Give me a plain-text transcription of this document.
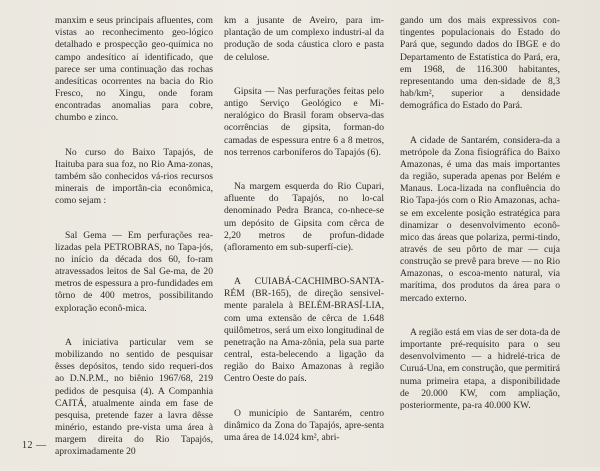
manxim e seus principais afluentes, com vistas ao reconhecimento geo-lógico detalhado e prospecção geo-química no campo andesítico aí identificado, que parece ser uma continuação das rochas andesíticas ocorrentes na bacia do Rio Fresco, no Xingu, onde foram encontradas anomalias para cobre, chumbo e zinco.

No curso do Baixo Tapajós, de Itaituba para sua foz, no Rio Ama-zonas, também são conhecidos vá-rios recursos minerais de importân-cia econômica, como sejam :

Sal Gema — Em perfurações rea-lizadas pela PETROBRAS, no Tapa-jós, no início da década dos 60, fo-ram atravessados leitos de Sal Ge-ma, de 20 metros de espessura a pro-fundidades em tôrno de 400 metros, possibilitando exploração econô-mica.

A iniciativa particular vem se mobilizando no sentido de pesquisar êsses depósitos, tendo sido requeri-dos ao D.N.P.M., no biênio 1967/68, 219 pedidos de pesquisa (4). A Companhia CAITÁ, atualmente ainda em fase de pesquisa, pretende fazer a lavra dêsse minério, estando pre-vista uma área à margem direita do Rio Tapajós, aproximadamente 20

km a jusante de Aveiro, para im-plantação de um complexo industri-al da produção de soda cáustica cloro e pasta de celulose.

Gipsita — Nas perfurações feitas pelo antigo Serviço Geológico e Mi-neralógico do Brasil foram observa-das ocorrências de gipsita, forman-do camadas de espessura entre 6 a 8 metros, nos terrenos carboníferos do Tapajós (6).

Na margem esquerda do Rio Cupari, afluente do Tapajós, no lo-cal denominado Pedra Branca, co-nhece-se um depósito de Gipsita com cêrca de 2,20 metros de profun-didade (afloramento em sub-superfí-cie).

A CUIABÁ-CACHIMBO-SANTA-RÉM (BR-165), de direção sensivel-mente paralela à BELÉM-BRASÍ-LIA, com uma extensão de cêrca de 1.648 quilômetros, será um eixo longitudinal de penetração na Ama-zônia, pela sua parte central, esta-belecendo a ligação da região do Baixo Amazonas à região Centro Oeste do país.

O município de Santarém, centro dinâmico da Zona do Tapajós, apre-senta uma área de 14.024 km², abri-

gando um dos mais expressivos con-tingentes populacionais do Estado do Pará que, segundo dados do IBGE e do Departamento de Estatística do Pará, era, em 1968, de 116.300 habitantes, representando uma den-sidade de 8,3 hab/km², superior a densidade demográfica do Estado do Pará.

A cidade de Santarém, considera-da a metrópole da Zona fisiográfica do Baixo Amazonas, é uma das mais importantes da região, superada apenas por Belém e Manaus. Loca-lizada na confluência do Rio Tapa-jós com o Rio Amazonas, acha-se em excelente posição estratégica para dinamizar o desenvolvimento econô-mico das áreas que polariza, permi-tindo, através de seu pôrto de mar — cuja construção se prevê para breve — no Rio Amazonas, o escoa-mento natural, via marítima, dos produtos da área para o mercado externo.

A região está em vias de ser dota-da de importante pré-requisito para o seu desenvolvimento — a hidrelé-trica de Curuá-Una, em construção, que permitirá numa primeira etapa, a disponibilidade de 20.000 KW, com ampliação, posteriormente, pa-ra 40.000 KW.

12 —
